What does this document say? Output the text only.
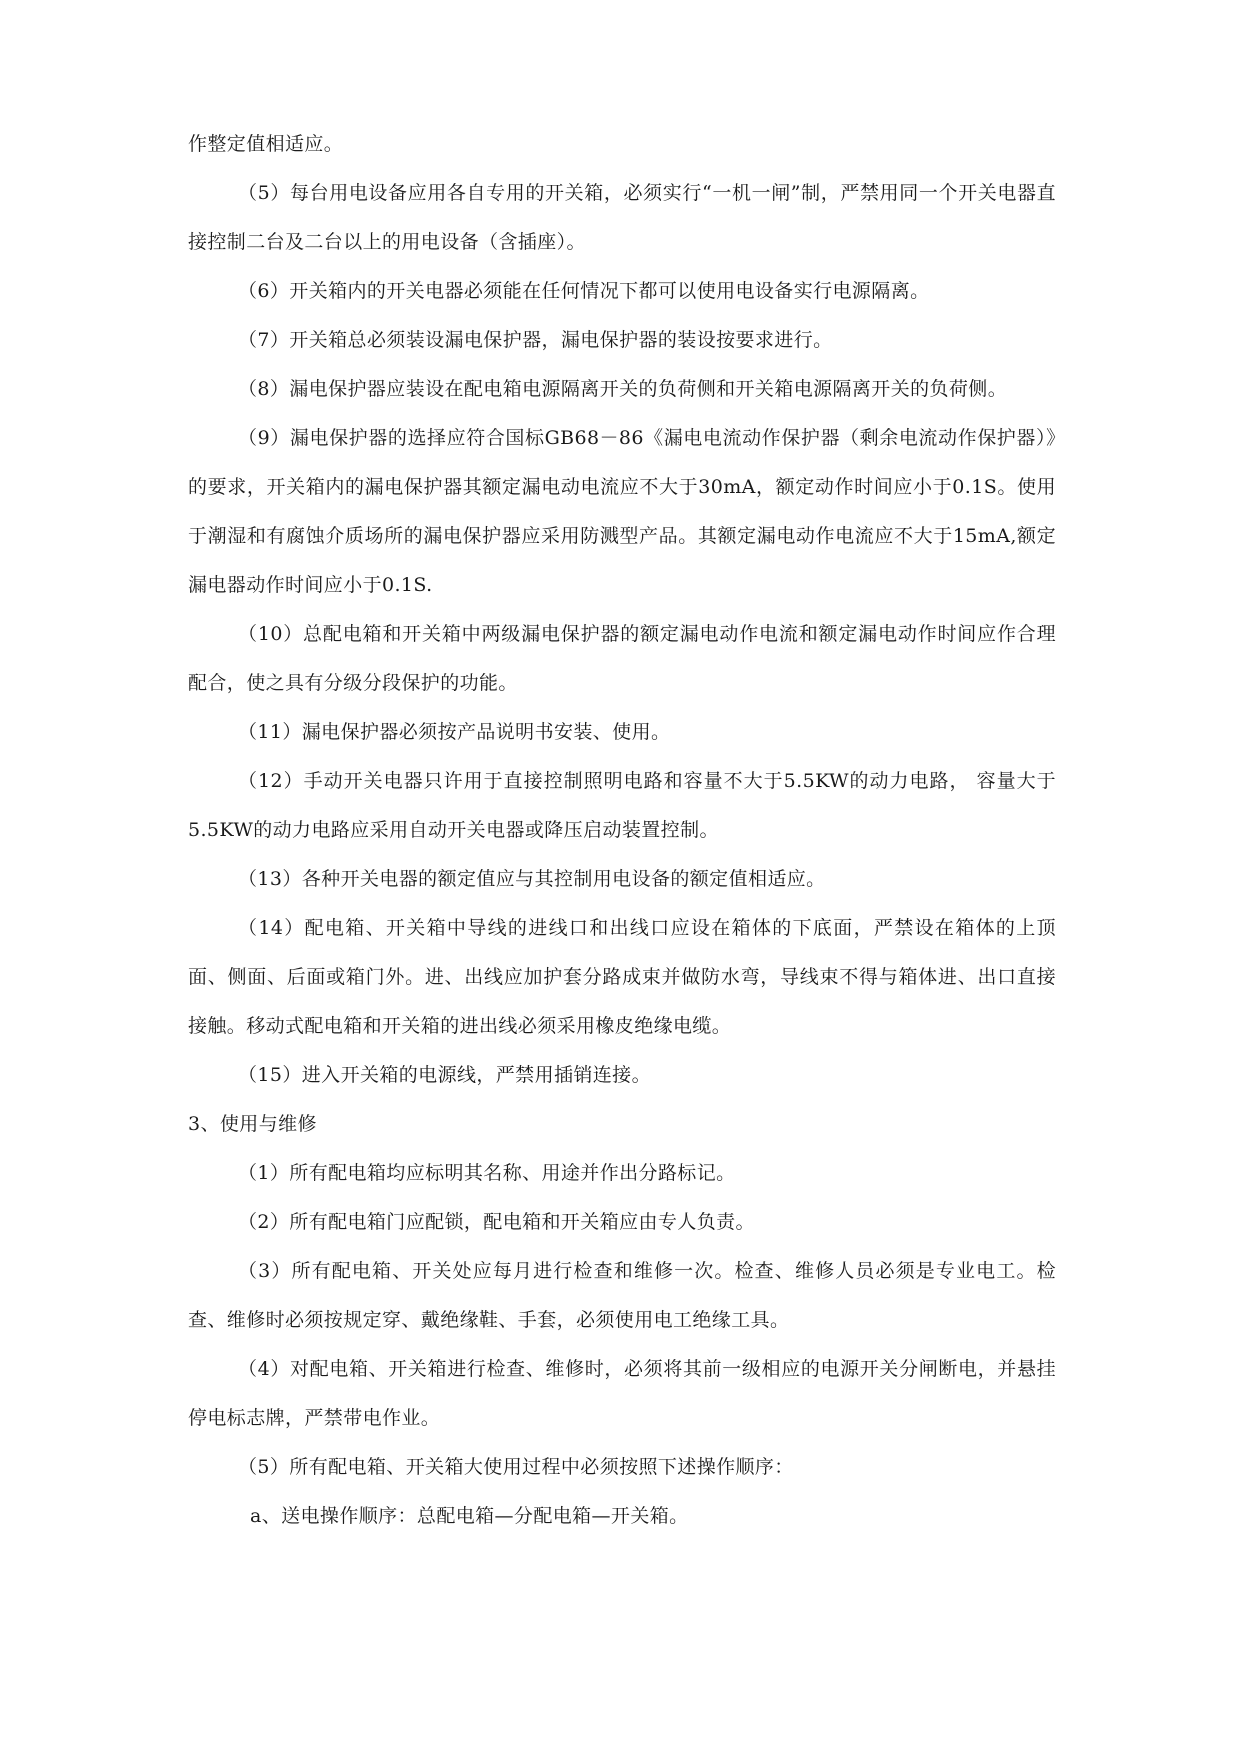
作整定值相适应。

（5）每台用电设备应用各自专用的开关箱，必须实行“一机一闸”制，严禁用同一个开关电器直接控制二台及二台以上的用电设备（含插座）。

（6）开关箱内的开关电器必须能在任何情况下都可以使用电设备实行电源隔离。

（7）开关箱总必须装设漏电保护器，漏电保护器的装设按要求进行。

（8）漏电保护器应装设在配电箱电源隔离开关的负荷侧和开关箱电源隔离开关的负荷侧。

（9）漏电保护器的选择应符合国标GB68－86《漏电电流动作保护器（剩余电流动作保护器）》的要求，开关箱内的漏电保护器其额定漏电动电流应不大于30mA，额定动作时间应小于0.1S。使用于潮湿和有腐蚀介质场所的漏电保护器应采用防溅型产品。其额定漏电动作电流应不大于15mA,额定漏电器动作时间应小于0.1S.

（10）总配电箱和开关箱中两级漏电保护器的额定漏电动作电流和额定漏电动作时间应作合理配合，使之具有分级分段保护的功能。

（11）漏电保护器必须按产品说明书安装、使用。

（12）手动开关电器只许用于直接控制照明电路和容量不大于5.5KW的动力电路， 容量大于5.5KW的动力电路应采用自动开关电器或降压启动装置控制。

（13）各种开关电器的额定值应与其控制用电设备的额定值相适应。

（14）配电箱、开关箱中导线的进线口和出线口应设在箱体的下底面，严禁设在箱体的上顶面、侧面、后面或箱门外。进、出线应加护套分路成束并做防水弯，导线束不得与箱体进、出口直接接触。移动式配电箱和开关箱的进出线必须采用橡皮绝缘电缆。

（15）进入开关箱的电源线，严禁用插销连接。

3、使用与维修

（1）所有配电箱均应标明其名称、用途并作出分路标记。

（2）所有配电箱门应配锁，配电箱和开关箱应由专人负责。

（3）所有配电箱、开关处应每月进行检查和维修一次。检查、维修人员必须是专业电工。检查、维修时必须按规定穿、戴绝缘鞋、手套，必须使用电工绝缘工具。

（4）对配电箱、开关箱进行检查、维修时，必须将其前一级相应的电源开关分闸断电，并悬挂停电标志牌，严禁带电作业。

（5）所有配电箱、开关箱大使用过程中必须按照下述操作顺序：

a、送电操作顺序：总配电箱—分配电箱—开关箱。
